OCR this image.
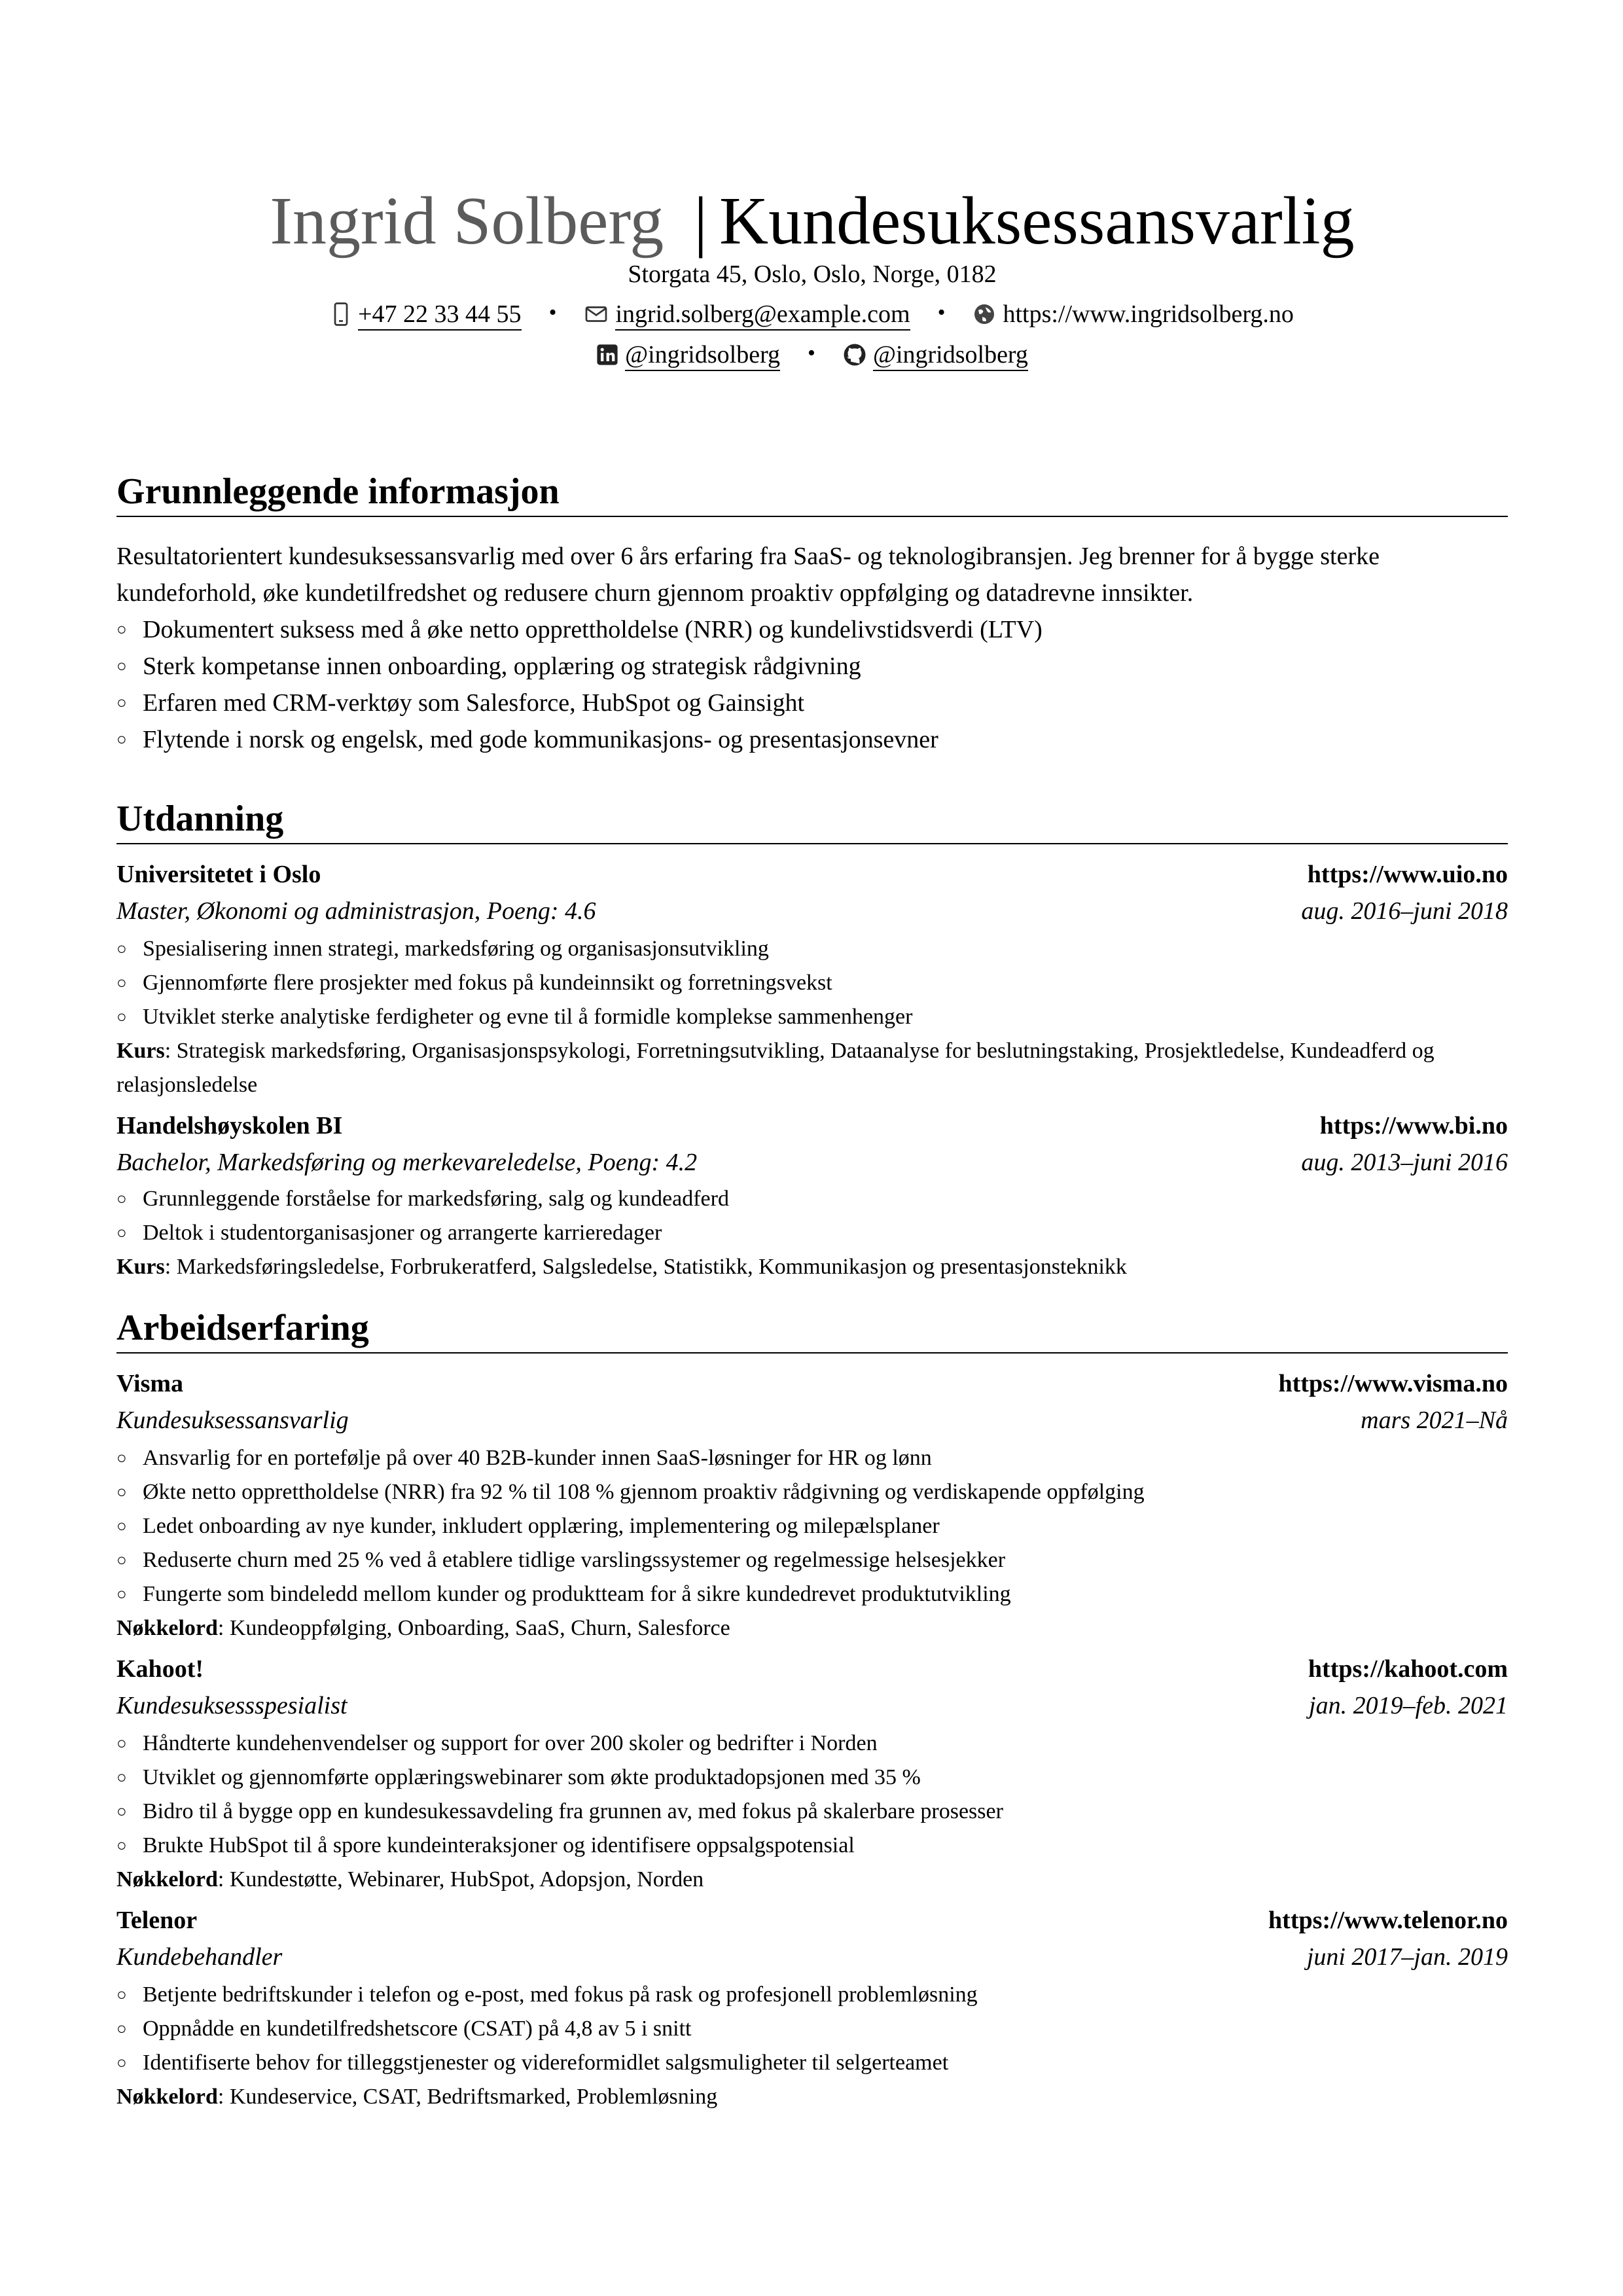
Ingrid Solberg | Kundesuksessansvarlig
Storgata 45, Oslo, Oslo, Norge, 0182
+47 22 33 44 55 • ingrid.solberg@example.com • https://www.ingridsolberg.no
@ingridsolberg • @ingridsolberg
Grunnleggende informasjon
Resultatorientert kundesuksessansvarlig med over 6 års erfaring fra SaaS- og teknologibransjen. Jeg brenner for å bygge sterke kundeforhold, øke kundetilfredshet og redusere churn gjennom proaktiv oppfølging og datadrevne innsikter.
○ Dokumentert suksess med å øke netto opprettholdelse (NRR) og kundelivstidsverdi (LTV)
○ Sterk kompetanse innen onboarding, opplæring og strategisk rådgivning
○ Erfaren med CRM-verktøy som Salesforce, HubSpot og Gainsight
○ Flytende i norsk og engelsk, med gode kommunikasjons- og presentasjonsevner
Utdanning
Universitetet i Oslo	https://www.uio.no
Master, Økonomi og administrasjon, Poeng: 4.6	aug. 2016–juni 2018
○ Spesialisering innen strategi, markedsføring og organisasjonsutvikling
○ Gjennomførte flere prosjekter med fokus på kundeinnsikt og forretningsvekst
○ Utviklet sterke analytiske ferdigheter og evne til å formidle komplekse sammenhenger
Kurs: Strategisk markedsføring, Organisasjonspsykologi, Forretningsutvikling, Dataanalyse for beslutningstaking, Prosjektledelse, Kundeadferd og relasjonsledelse
Handelshøyskolen BI	https://www.bi.no
Bachelor, Markedsføring og merkevareledelse, Poeng: 4.2	aug. 2013–juni 2016
○ Grunnleggende forståelse for markedsføring, salg og kundeadferd
○ Deltok i studentorganisasjoner og arrangerte karrieredager
Kurs: Markedsføringsledelse, Forbrukeratferd, Salgsledelse, Statistikk, Kommunikasjon og presentasjonsteknikk
Arbeidserfaring
Visma	https://www.visma.no
Kundesuksessansvarlig	mars 2021–Nå
○ Ansvarlig for en portefølje på over 40 B2B-kunder innen SaaS-løsninger for HR og lønn
○ Økte netto opprettholdelse (NRR) fra 92 % til 108 % gjennom proaktiv rådgivning og verdiskapende oppfølging
○ Ledet onboarding av nye kunder, inkludert opplæring, implementering og milepælsplaner
○ Reduserte churn med 25 % ved å etablere tidlige varslingssystemer og regelmessige helsesjekker
○ Fungerte som bindeledd mellom kunder og produktteam for å sikre kundedrevet produktutvikling
Nøkkelord: Kundeoppfølging, Onboarding, SaaS, Churn, Salesforce
Kahoot!	https://kahoot.com
Kundesuksessspesialist	jan. 2019–feb. 2021
○ Håndterte kundehenvendelser og support for over 200 skoler og bedrifter i Norden
○ Utviklet og gjennomførte opplæringswebinarer som økte produktadopsjonen med 35 %
○ Bidro til å bygge opp en kundesukessavdeling fra grunnen av, med fokus på skalerbare prosesser
○ Brukte HubSpot til å spore kundeinteraksjoner og identifisere oppsalgspotensial
Nøkkelord: Kundestøtte, Webinarer, HubSpot, Adopsjon, Norden
Telenor	https://www.telenor.no
Kundebehandler	juni 2017–jan. 2019
○ Betjente bedriftskunder i telefon og e-post, med fokus på rask og profesjonell problemløsning
○ Oppnådde en kundetilfredshetscore (CSAT) på 4,8 av 5 i snitt
○ Identifiserte behov for tilleggstjenester og videreformidlet salgsmuligheter til selgerteamet
Nøkkelord: Kundeservice, CSAT, Bedriftsmarked, Problemløsning
